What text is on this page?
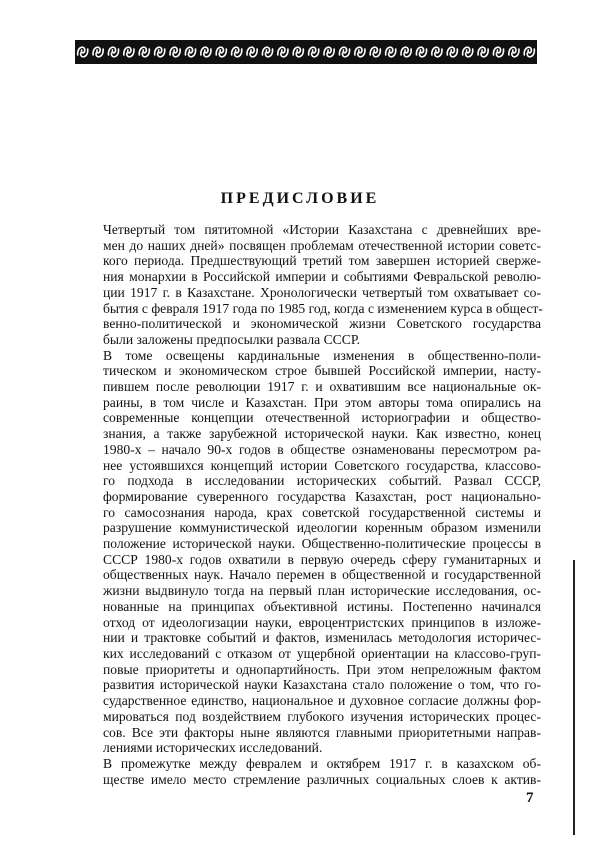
ПРЕДИСЛОВИЕ

Четвертый том пятитомной «Истории Казахстана с древнейших вре-
мен до наших дней» посвящен проблемам отечественной истории советс-
кого периода. Предшествующий третий том завершен историей сверже-
ния монархии в Российской империи и событиями Февральской револю-
ции 1917 г. в Казахстане. Хронологически четвертый том охватывает со-
бытия с февраля 1917 года по 1985 год, когда с изменением курса в общест-
венно-политической и экономической жизни Советского государства
были заложены предпосылки развала СССР.

В томе освещены кардинальные изменения в общественно-поли-
тическом и экономическом строе бывшей Российской империи, насту-
пившем после революции 1917 г. и охватившим все национальные ок-
раины, в том числе и Казахстан. При этом авторы тома опирались на
современные концепции отечественной историографии и общество-
знания, а также зарубежной исторической науки. Как известно, конец
1980-х – начало 90-х годов в обществе ознаменованы пересмотром ра-
нее устоявшихся концепций истории Советского государства, классово-
го подхода в исследовании исторических событий. Развал СССР,
формирование суверенного государства Казахстан, рост национально-
го самосознания народа, крах советской государственной системы и
разрушение коммунистической идеологии коренным образом изменили
положение исторической науки. Общественно-политические процессы в
СССР 1980-х годов охватили в первую очередь сферу гуманитарных и
общественных наук. Начало перемен в общественной и государственной
жизни выдвинуло тогда на первый план исторические исследования, ос-
нованные на принципах объективной истины. Постепенно начинался
отход от идеологизации науки, евроцентристских принципов в изложе-
нии и трактовке событий и фактов, изменилась методология историчес-
ких исследований с отказом от ущербной ориентации на классово-груп-
повые приоритеты и однопартийность. При этом непреложным фактом
развития исторической науки Казахстана стало положение о том, что го-
сударственное единство, национальное и духовное согласие должны фор-
мироваться под воздействием глубокого изучения исторических процес-
сов. Все эти факторы ныне являются главными приоритетными направ-
лениями исторических исследований.

В промежутке между февралем и октябрем 1917 г. в казахском об-
ществе имело место стремление различных социальных слоев к актив-

7
